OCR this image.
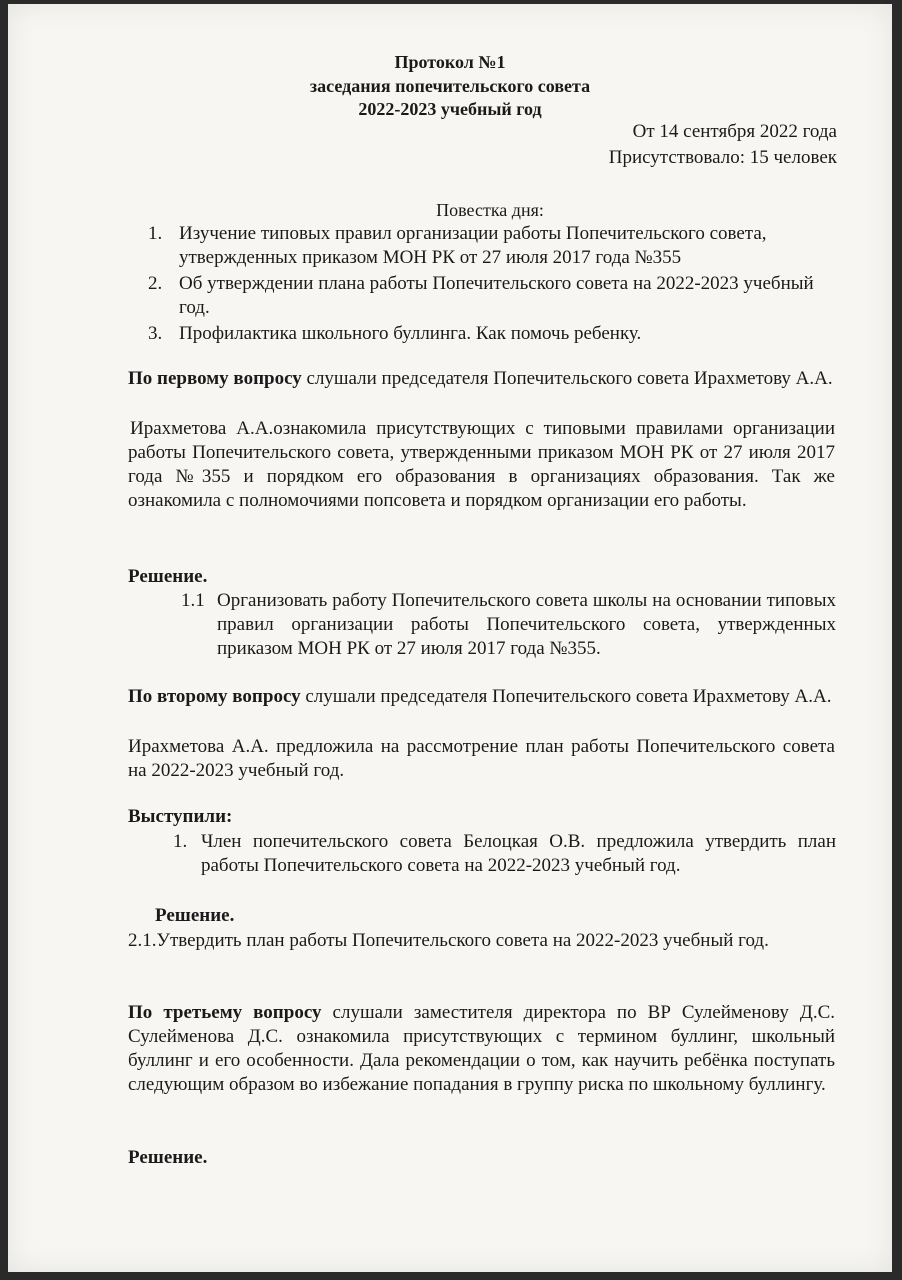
Протокол №1
заседания попечительского совета
2022-2023 учебный год
От 14 сентября 2022 года
Присутствовало: 15 человек
Повестка дня:
1. Изучение типовых правил организации работы Попечительского совета, утвержденных приказом МОН РК от 27 июля 2017 года №355
2. Об утверждении плана работы Попечительского совета на 2022-2023 учебный год.
3. Профилактика школьного буллинга. Как помочь ребенку.
По первому вопросу слушали председателя Попечительского совета Ирахметову А.А.
Ирахметова А.А.ознакомила присутствующих с типовыми правилами организации работы Попечительского совета, утвержденными приказом МОН РК от 27 июля 2017 года №355 и порядком его образования в организациях образования. Так же ознакомила с полномочиями попсовета и порядком организации его работы.
Решение.
1.1 Организовать работу Попечительского совета школы на основании типовых правил организации работы Попечительского совета, утвержденных приказом МОН РК от 27 июля 2017 года №355.
По второму вопросу слушали председателя Попечительского совета Ирахметову А.А.
Ирахметова А.А. предложила на рассмотрение план работы Попечительского совета на 2022-2023 учебный год.
Выступили:
1. Член попечительского совета Белоцкая О.В. предложила утвердить план работы Попечительского совета на 2022-2023 учебный год.
Решение.
2.1.Утвердить план работы Попечительского совета на 2022-2023 учебный год.
По третьему вопросу слушали заместителя директора по ВР Сулейменову Д.С. Сулейменова Д.С. ознакомила присутствующих с термином буллинг, школьный буллинг и его особенности. Дала рекомендации о том, как научить ребёнка поступать следующим образом во избежание попадания в группу риска по школьному буллингу.
Решение.
